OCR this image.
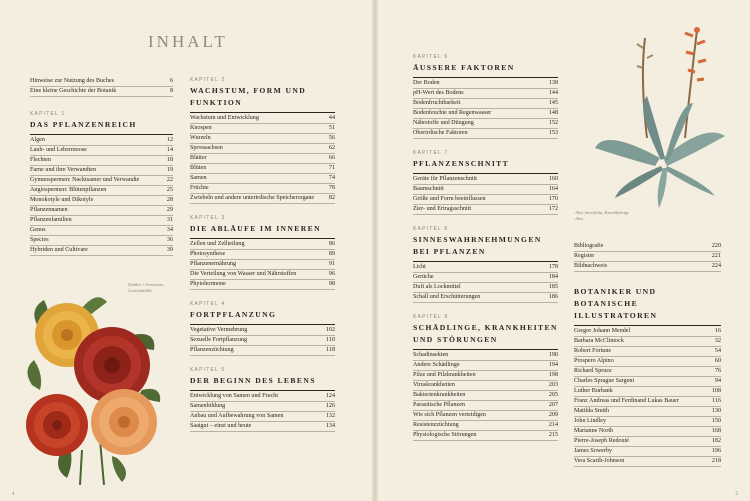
INHALT
Hinweise zur Nutzung des Buches	6
Eine kleine Geschichte der Botanik	8
KAPITEL 1
DAS PFLANZENREICH
Algen	12
Laub- und Lebermoose	14
Flechten	18
Farne und ihre Verwandten	19
Gymnospermen: Nacktsamer und Verwandte	22
Angiospermen: Blütenpflanzen	25
Monokotyle und Dikotyle	28
Pflanzennamen	29
Pflanzenfamilien	31
Genus	34
Species	36
Hybriden und Cultivare	39
KAPITEL 2
WACHSTUM, FORM UND FUNKTION
Wachstum und Entwicklung	44
Knospen	51
Wurzeln	56
Sprossachsen	62
Blätter	66
Blüten	71
Samen	74
Früchte	78
Zwiebeln und andere unterirdische Speicherorgane	82
KAPITEL 3
DIE ABLÄUFE IM INNEREN
Zellen und Zellteilung	86
Photosynthese	89
Pflanzenernährung	91
Die Verteilung von Wasser und Nährstoffen	96
Phytohormone	98
KAPITEL 4
FORTPFLANZUNG
Vegetative Vermehrung	102
Sexuelle Fortpflanzung	110
Pflanzenzüchtung	118
KAPITEL 5
DER BEGINN DES LEBENS
Entwicklung von Samen und Frucht	124
Samenbildung	126
Anbau und Aufbewahrung von Samen	132
Saatgut – einst und heute	134
KAPITEL 6
ÄUSSERE FAKTOREN
Der Boden	138
pH-Wert des Bodens	144
Bodenfruchtbarkeit	145
Bodenfeuchte und Regenwasser	148
Nährstoffe und Düngung	152
Oberirdische Faktoren	153
KAPITEL 7
PFLANZENSCHNITT
Geräte für Pflanzenschnitt	160
Baumschnitt	164
Größe und Form beeinflussen	170
Zier- und Ertragsschnitt	172
KAPITEL 8
SINNESWAHRNEHMUNGEN BEI PFLANZEN
Licht	178
Gerüche	184
Duft als Lockmittel	185
Schall und Erschütterungen	186
KAPITEL 9
SCHÄDLINGE, KRANKHEITEN UND STÖRUNGEN
Schadinsekten	190
Andere Schädlinge	194
Pilze und Pilzkrankheiten	198
Viruskrankheiten	203
Bakterienkrankheiten	205
Parasitische Pflanzen	207
Wie sich Pflanzen verteidigen	209
Resistenzzüchtung	214
Physiologische Störungen	215
Bibliografie	220
Register	221
Bildnachweis	224
BOTANIKER UND BOTANISCHE ILLUSTRATOREN
Gregor Johann Mendel	16
Barbara McClintock	32
Robert Fortune	54
Prospero Alpino	60
Richard Spruce	76
Charles Sprague Sargent	94
Luther Burbank	108
Franz Andreas und Ferdinand Lukas Bauer	116
Matilda Smith	130
John Lindley	150
Marianne North	168
Pierre-Joseph Redouté	182
James Sowerby	196
Vera Scarth-Johnson	218
Dahlia × hortensis, Gartendahlie
Aloe brevifolia, Kurzblättrige Aloe
4	5
